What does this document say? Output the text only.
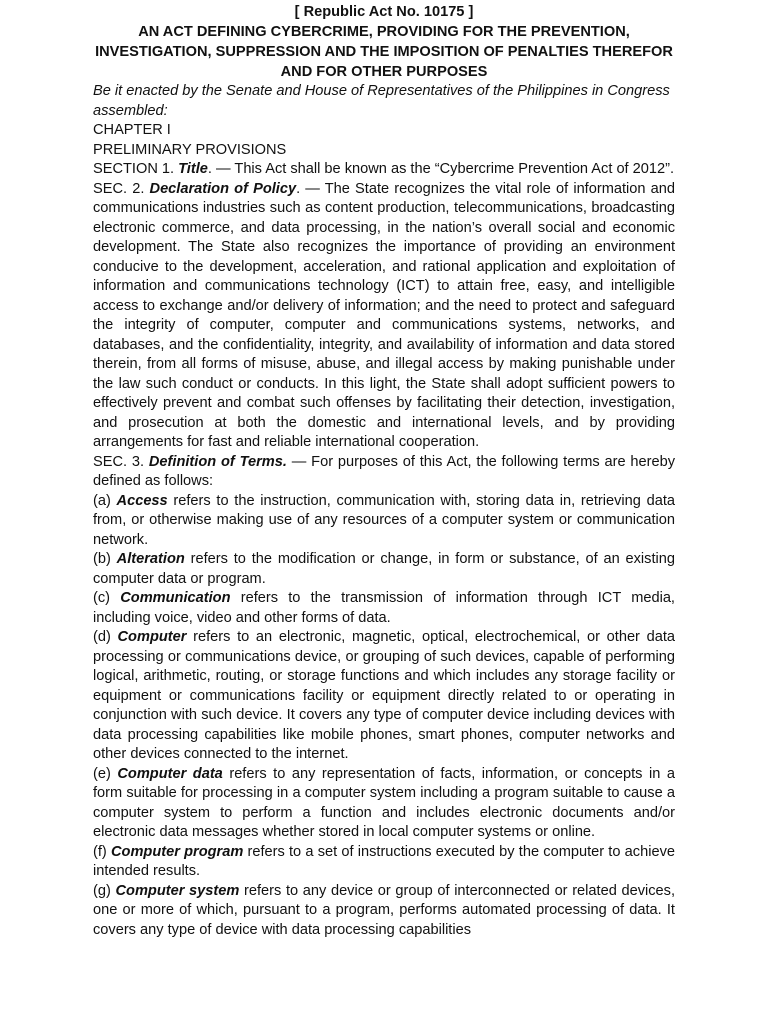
[ Republic Act No. 10175 ]
AN ACT DEFINING CYBERCRIME, PROVIDING FOR THE PREVENTION,
INVESTIGATION, SUPPRESSION AND THE IMPOSITION OF PENALTIES THEREFOR
AND FOR OTHER PURPOSES

Be it enacted by the Senate and House of Representatives of the Philippines in Congress assembled:

CHAPTER I

PRELIMINARY PROVISIONS

SECTION 1. Title. — This Act shall be known as the “Cybercrime Prevention Act of 2012”.

SEC. 2. Declaration of Policy. — The State recognizes the vital role of information and communications industries such as content production, telecommunications, broadcasting electronic commerce, and data processing, in the nation’s overall social and economic development. The State also recognizes the importance of providing an environment conducive to the development, acceleration, and rational application and exploitation of information and communications technology (ICT) to attain free, easy, and intelligible access to exchange and/or delivery of information; and the need to protect and safeguard the integrity of computer, computer and communications systems, networks, and databases, and the confidentiality, integrity, and availability of information and data stored therein, from all forms of misuse, abuse, and illegal access by making punishable under the law such conduct or conducts. In this light, the State shall adopt sufficient powers to effectively prevent and combat such offenses by facilitating their detection, investigation, and prosecution at both the domestic and international levels, and by providing arrangements for fast and reliable international cooperation.

SEC. 3. Definition of Terms. — For purposes of this Act, the following terms are hereby defined as follows:

(a) Access refers to the instruction, communication with, storing data in, retrieving data from, or otherwise making use of any resources of a computer system or communication network.

(b) Alteration refers to the modification or change, in form or substance, of an existing computer data or program.

(c) Communication refers to the transmission of information through ICT media, including voice, video and other forms of data.

(d) Computer refers to an electronic, magnetic, optical, electrochemical, or other data processing or communications device, or grouping of such devices, capable of performing logical, arithmetic, routing, or storage functions and which includes any storage facility or equipment or communications facility or equipment directly related to or operating in conjunction with such device. It covers any type of computer device including devices with data processing capabilities like mobile phones, smart phones, computer networks and other devices connected to the internet.

(e) Computer data refers to any representation of facts, information, or concepts in a form suitable for processing in a computer system including a program suitable to cause a computer system to perform a function and includes electronic documents and/or electronic data messages whether stored in local computer systems or online.

(f) Computer program refers to a set of instructions executed by the computer to achieve intended results.

(g) Computer system refers to any device or group of interconnected or related devices, one or more of which, pursuant to a program, performs automated processing of data. It covers any type of device with data processing capabilities
